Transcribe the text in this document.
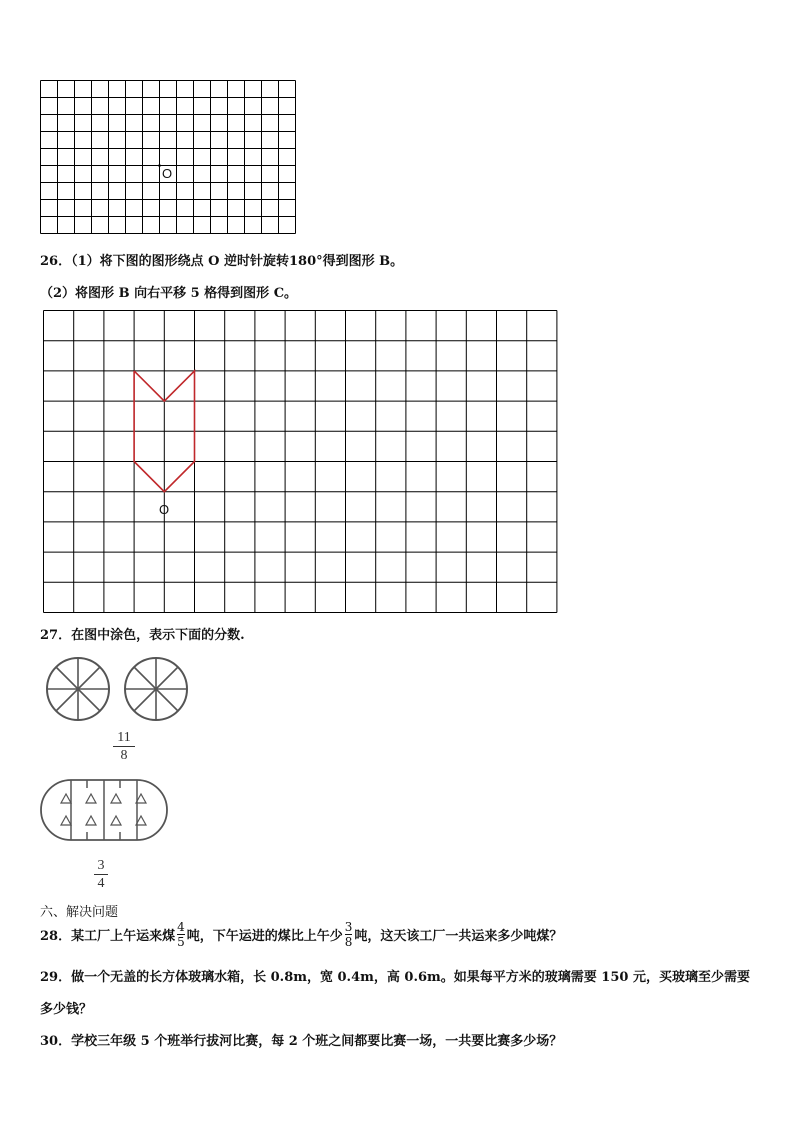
O
26．（1）将下图的图形绕点 O 逆时针旋转180°得到图形 B。
（2）将图形 B 向右平移 5 格得到图形 C。
O
27．在图中涂色，表示下面的分数.
11
8
3
4
六、解决问题
28．某工厂上午运来煤
4
5 吨，下午运进的煤比上午少
3
8 吨，这天该工厂一共运来多少吨煤？
29．做一个无盖的长方体玻璃水箱，长 0.8m，宽 0.4m，高 0.6m。如果每平方米的玻璃需要 150 元，买玻璃至少需要
多少钱？
30．学校三年级 5 个班举行拔河比赛，每 2 个班之间都要比赛一场，一共要比赛多少场？
